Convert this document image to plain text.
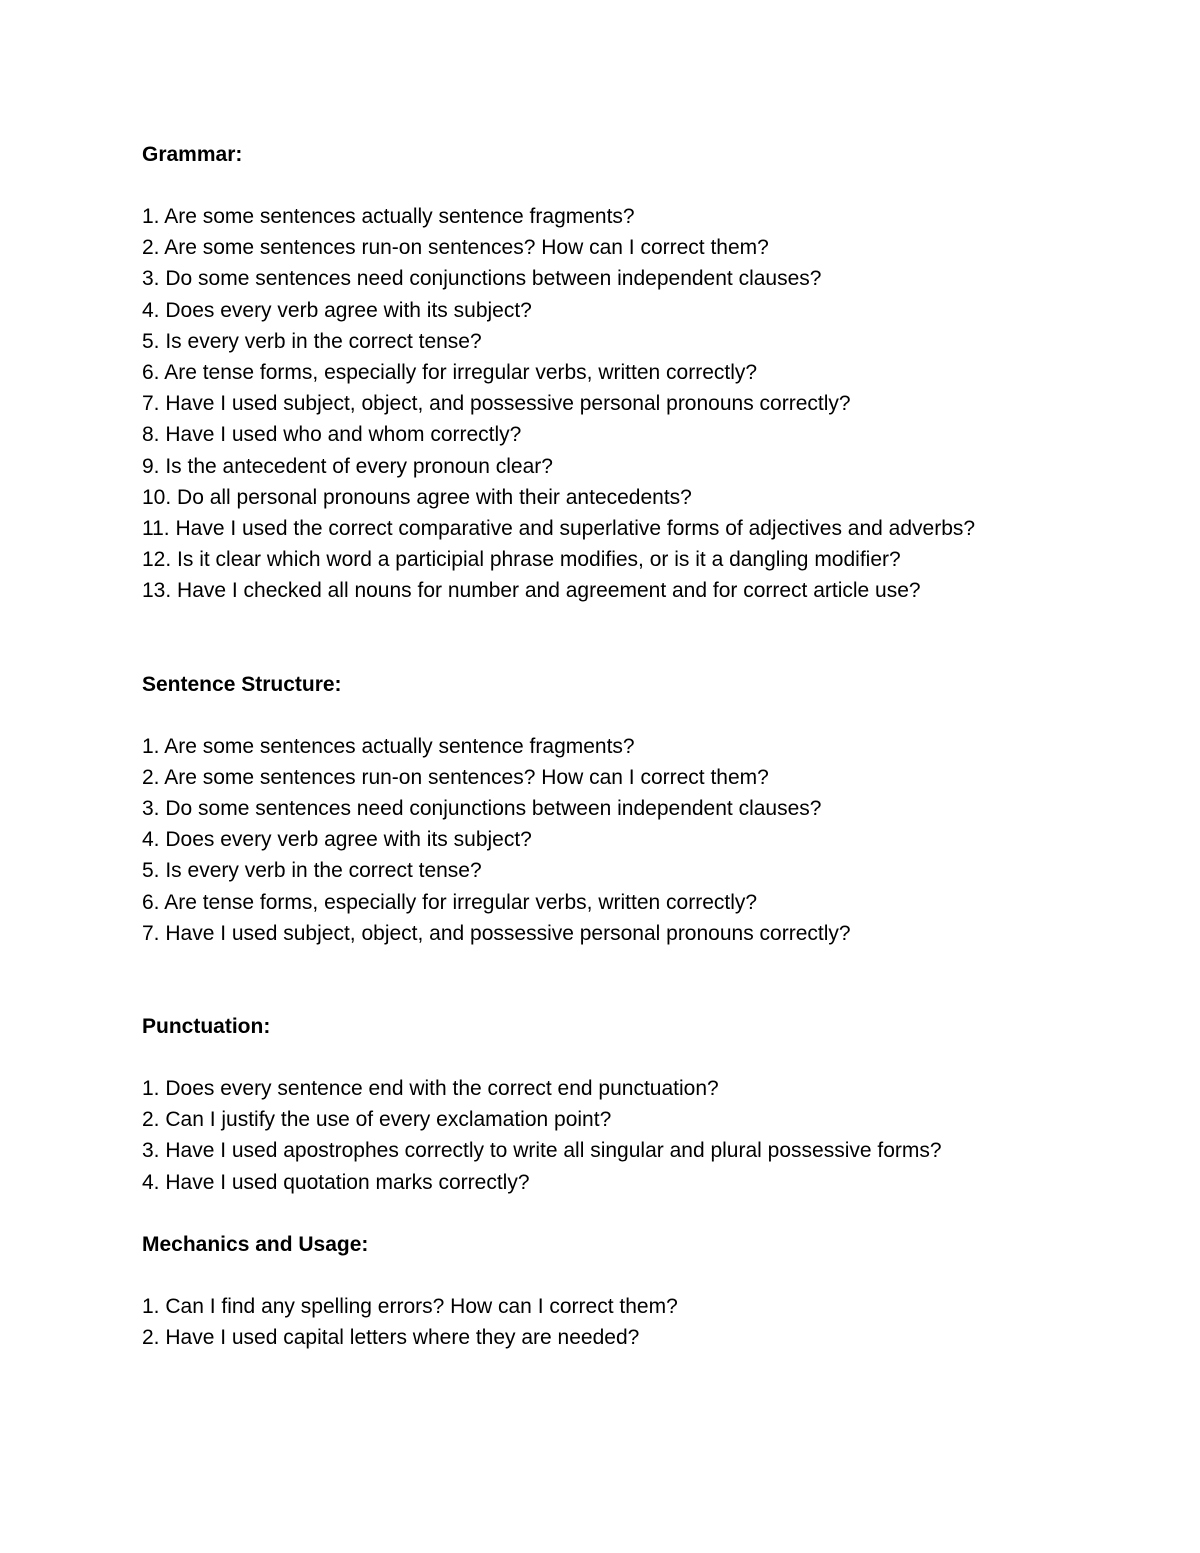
Grammar:
1. Are some sentences actually sentence fragments?
2. Are some sentences run-on sentences? How can I correct them?
3. Do some sentences need conjunctions between independent clauses?
4. Does every verb agree with its subject?
5. Is every verb in the correct tense?
6. Are tense forms, especially for irregular verbs, written correctly?
7. Have I used subject, object, and possessive personal pronouns correctly?
8. Have I used who and whom correctly?
9. Is the antecedent of every pronoun clear?
10. Do all personal pronouns agree with their antecedents?
11. Have I used the correct comparative and superlative forms of adjectives and adverbs?
12. Is it clear which word a participial phrase modifies, or is it a dangling modifier?
13. Have I checked all nouns for number and agreement and for correct article use?
Sentence Structure:
1. Are some sentences actually sentence fragments?
2. Are some sentences run-on sentences? How can I correct them?
3. Do some sentences need conjunctions between independent clauses?
4. Does every verb agree with its subject?
5. Is every verb in the correct tense?
6. Are tense forms, especially for irregular verbs, written correctly?
7. Have I used subject, object, and possessive personal pronouns correctly?
Punctuation:
1. Does every sentence end with the correct end punctuation?
2. Can I justify the use of every exclamation point?
3. Have I used apostrophes correctly to write all singular and plural possessive forms?
4. Have I used quotation marks correctly?
Mechanics and Usage:
1. Can I find any spelling errors? How can I correct them?
2. Have I used capital letters where they are needed?
